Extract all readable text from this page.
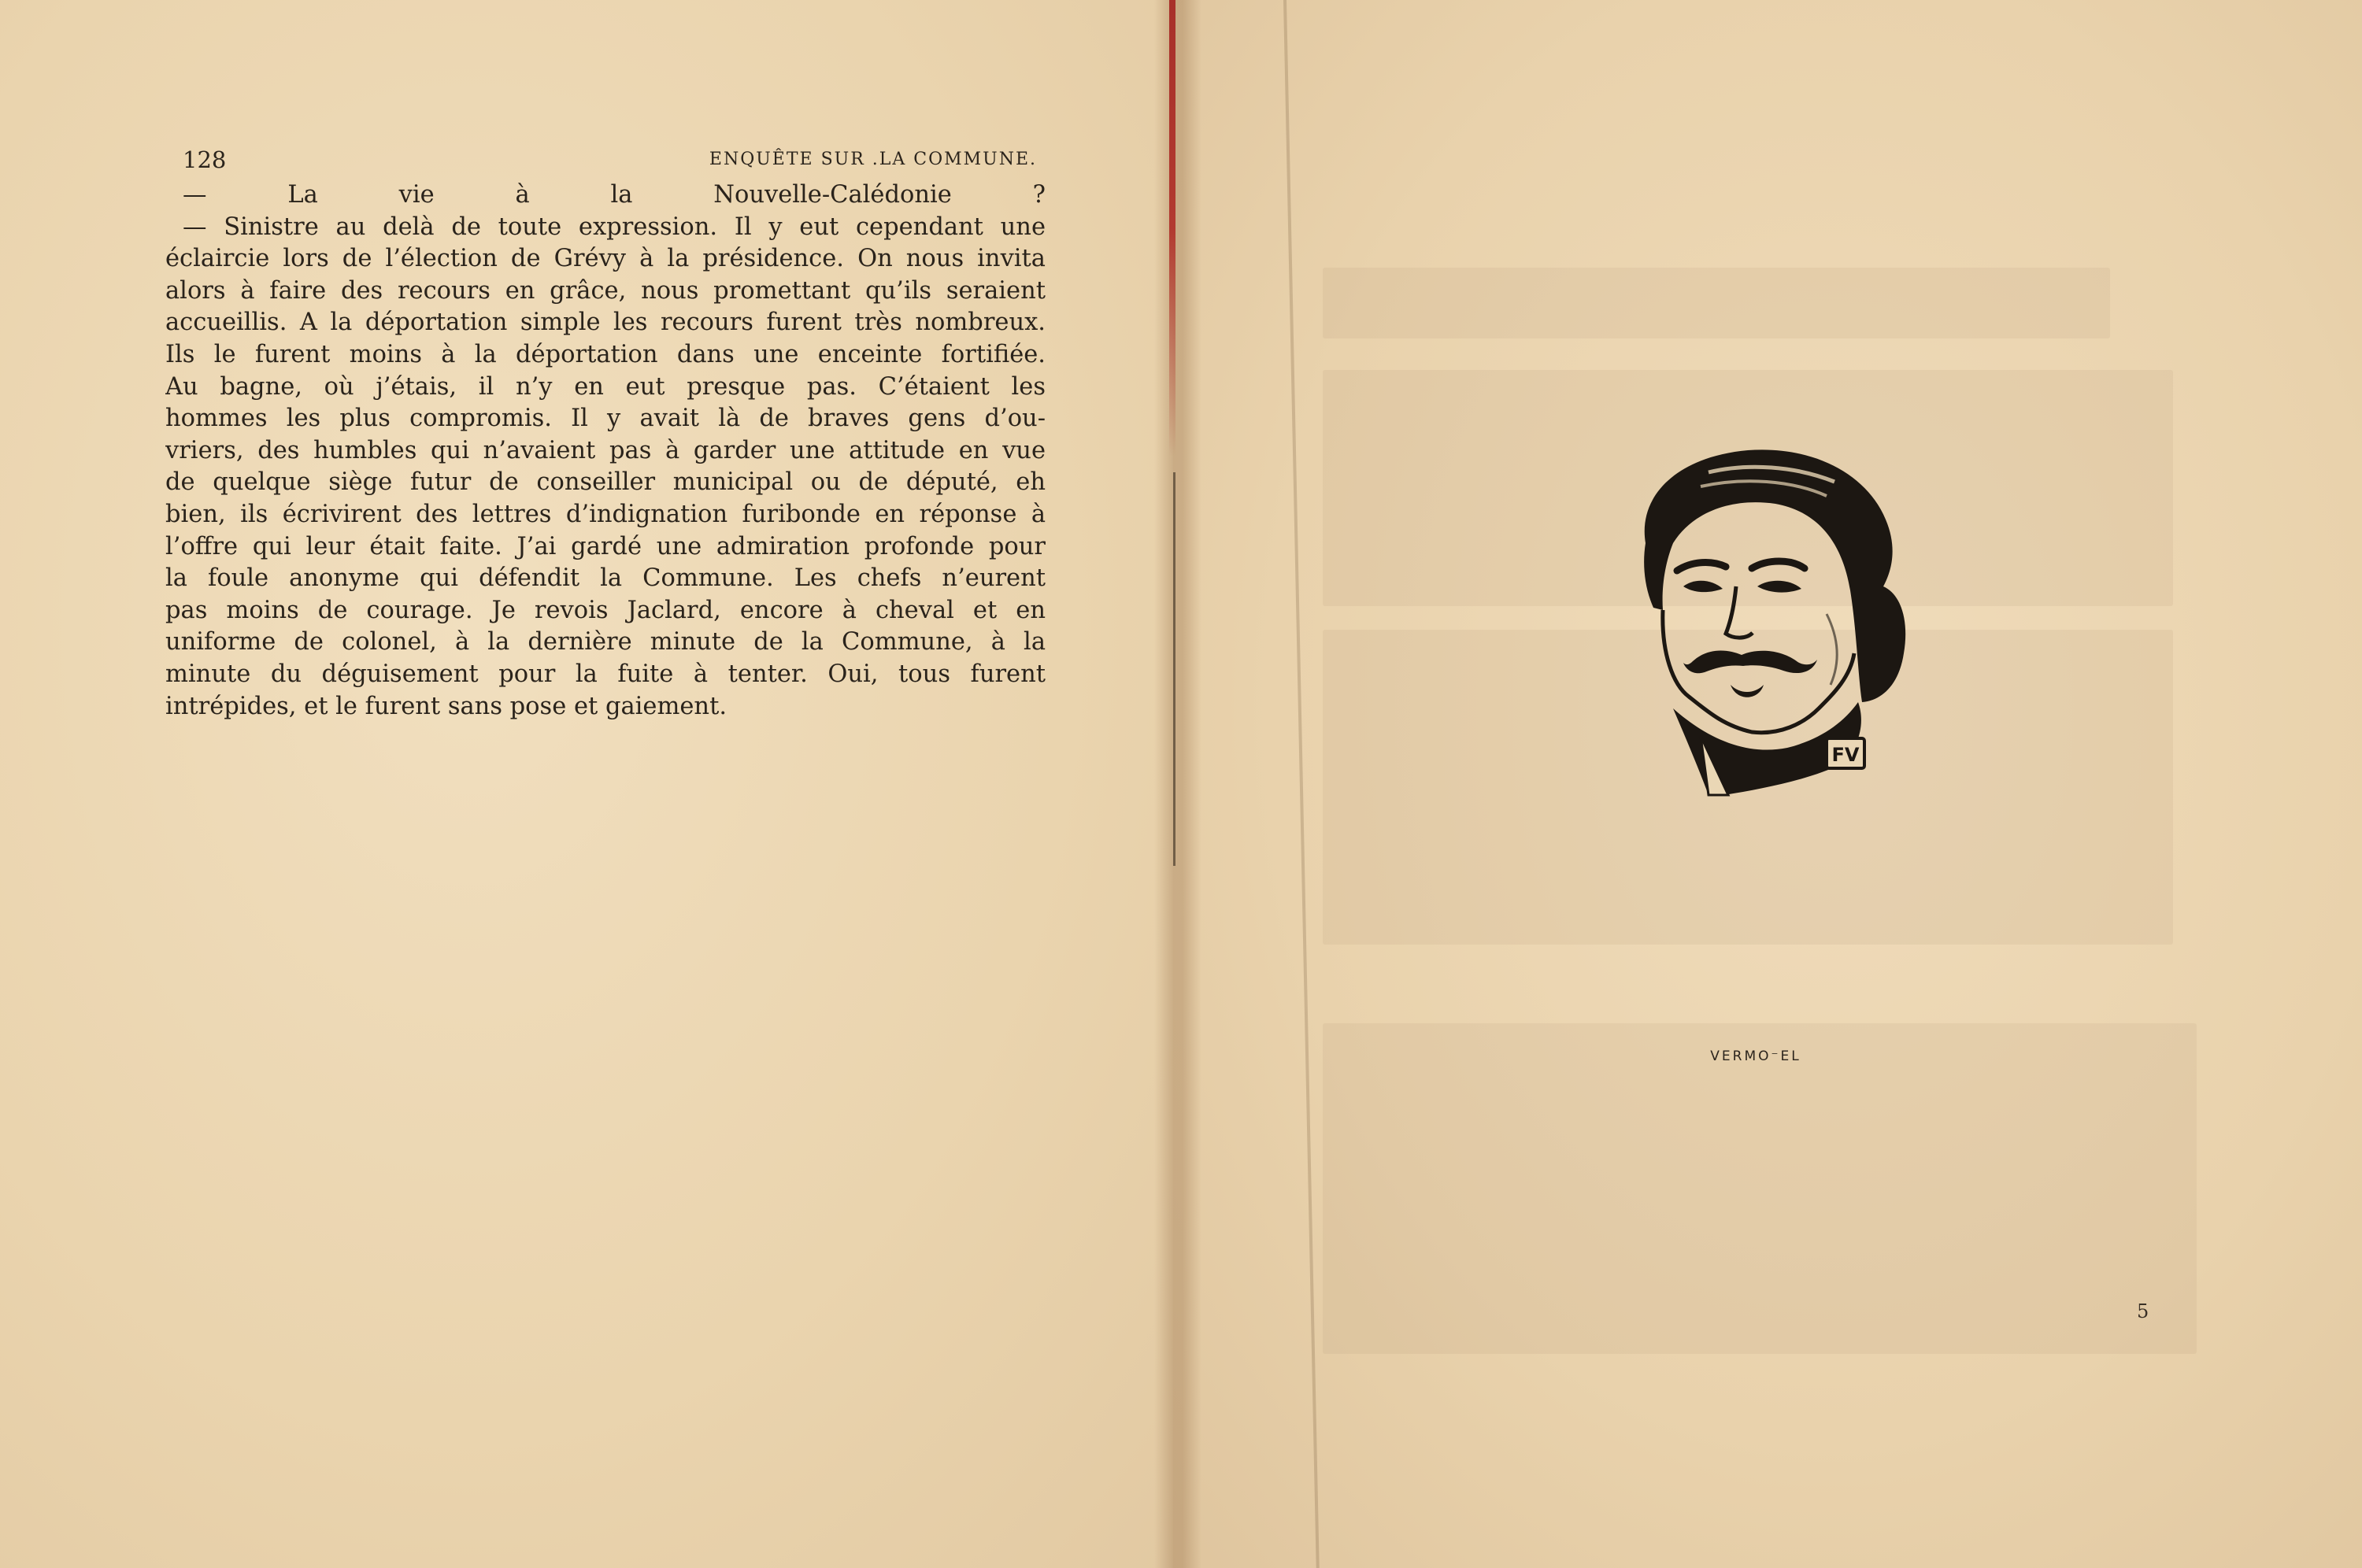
128	ENQUÊTE SUR .LA COMMUNE.
— La vie à la Nouvelle-Calédonie ?
— Sinistre au delà de toute expression. Il y eut cependant une
éclaircie lors de l’élection de Grévy à la présidence. On nous invita
alors à faire des recours en grâce, nous promettant qu’ils seraient
accueillis. A la déportation simple les recours furent très nombreux.
Ils le furent moins à la déportation dans une enceinte fortifiée.
Au bagne, où j’étais, il n’y en eut presque pas. C’étaient les
hommes les plus compromis. Il y avait là de braves gens d’ou-
vriers, des humbles qui n’avaient pas à garder une attitude en vue
de quelque siège futur de conseiller municipal ou de député, eh
bien, ils écrivirent des lettres d’indignation furibonde en réponse à
l’offre qui leur était faite. J’ai gardé une admiration profonde pour
la foule anonyme qui défendit la Commune. Les chefs n’eurent
pas moins de courage. Je revois Jaclard, encore à cheval et en
uniforme de colonel, à la dernière minute de la Commune, à la
minute du déguisement pour la fuite à tenter. Oui, tous furent
intrépides, et le furent sans pose et gaiement.
FV
VERMO⁻EL
5
